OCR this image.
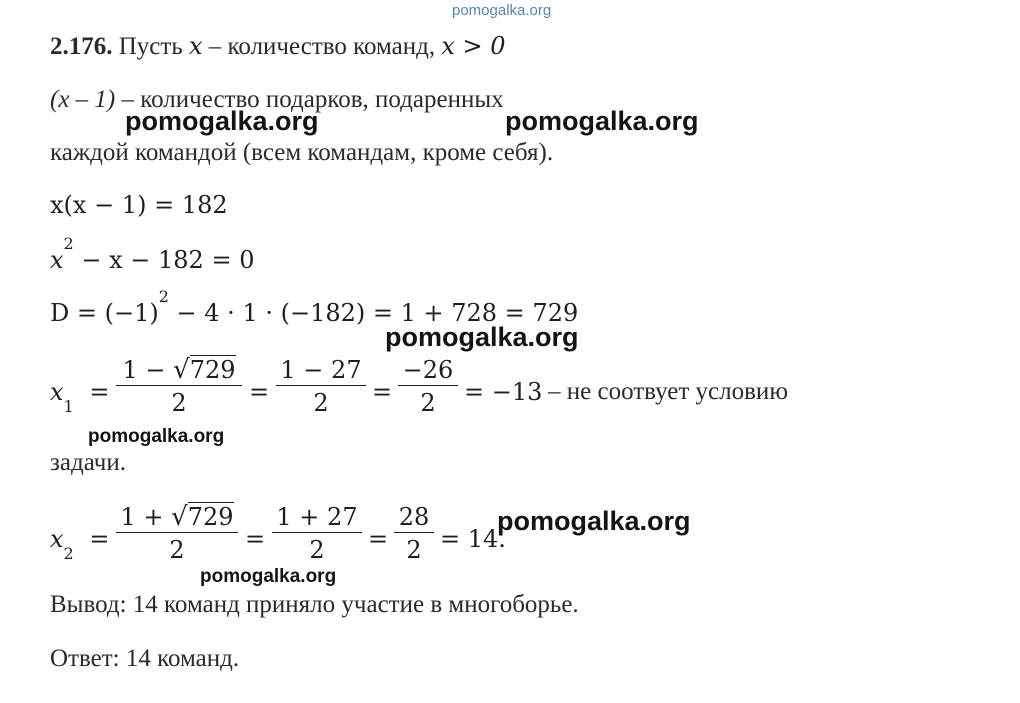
pomogalka.org
pomogalka.org	pomogalka.org
pomogalka.org
pomogalka.org
pomogalka.org
pomogalka.org
2.176. Пусть x – количество команд, x > 0
(x – 1) – количество подарков, подаренных
каждой командой (всем командам, кроме себя).
x(x − 1) = 182
$x^2 - x - 182 = 0$
$D = (-1)^2 - 4 \cdot 1 \cdot (-182) = 1 + 728 = 729$
$x_1$ =
1 − √729
2	=
1 − 27
2 =
−26
2 = −13 – не соотвует условию
задачи.
$x_2$ =
1 + √729
2	=
1 + 27
2 =
28
2 = 14.
Вывод: 14 команд приняло участие в многоборье.
Ответ: 14 команд.
